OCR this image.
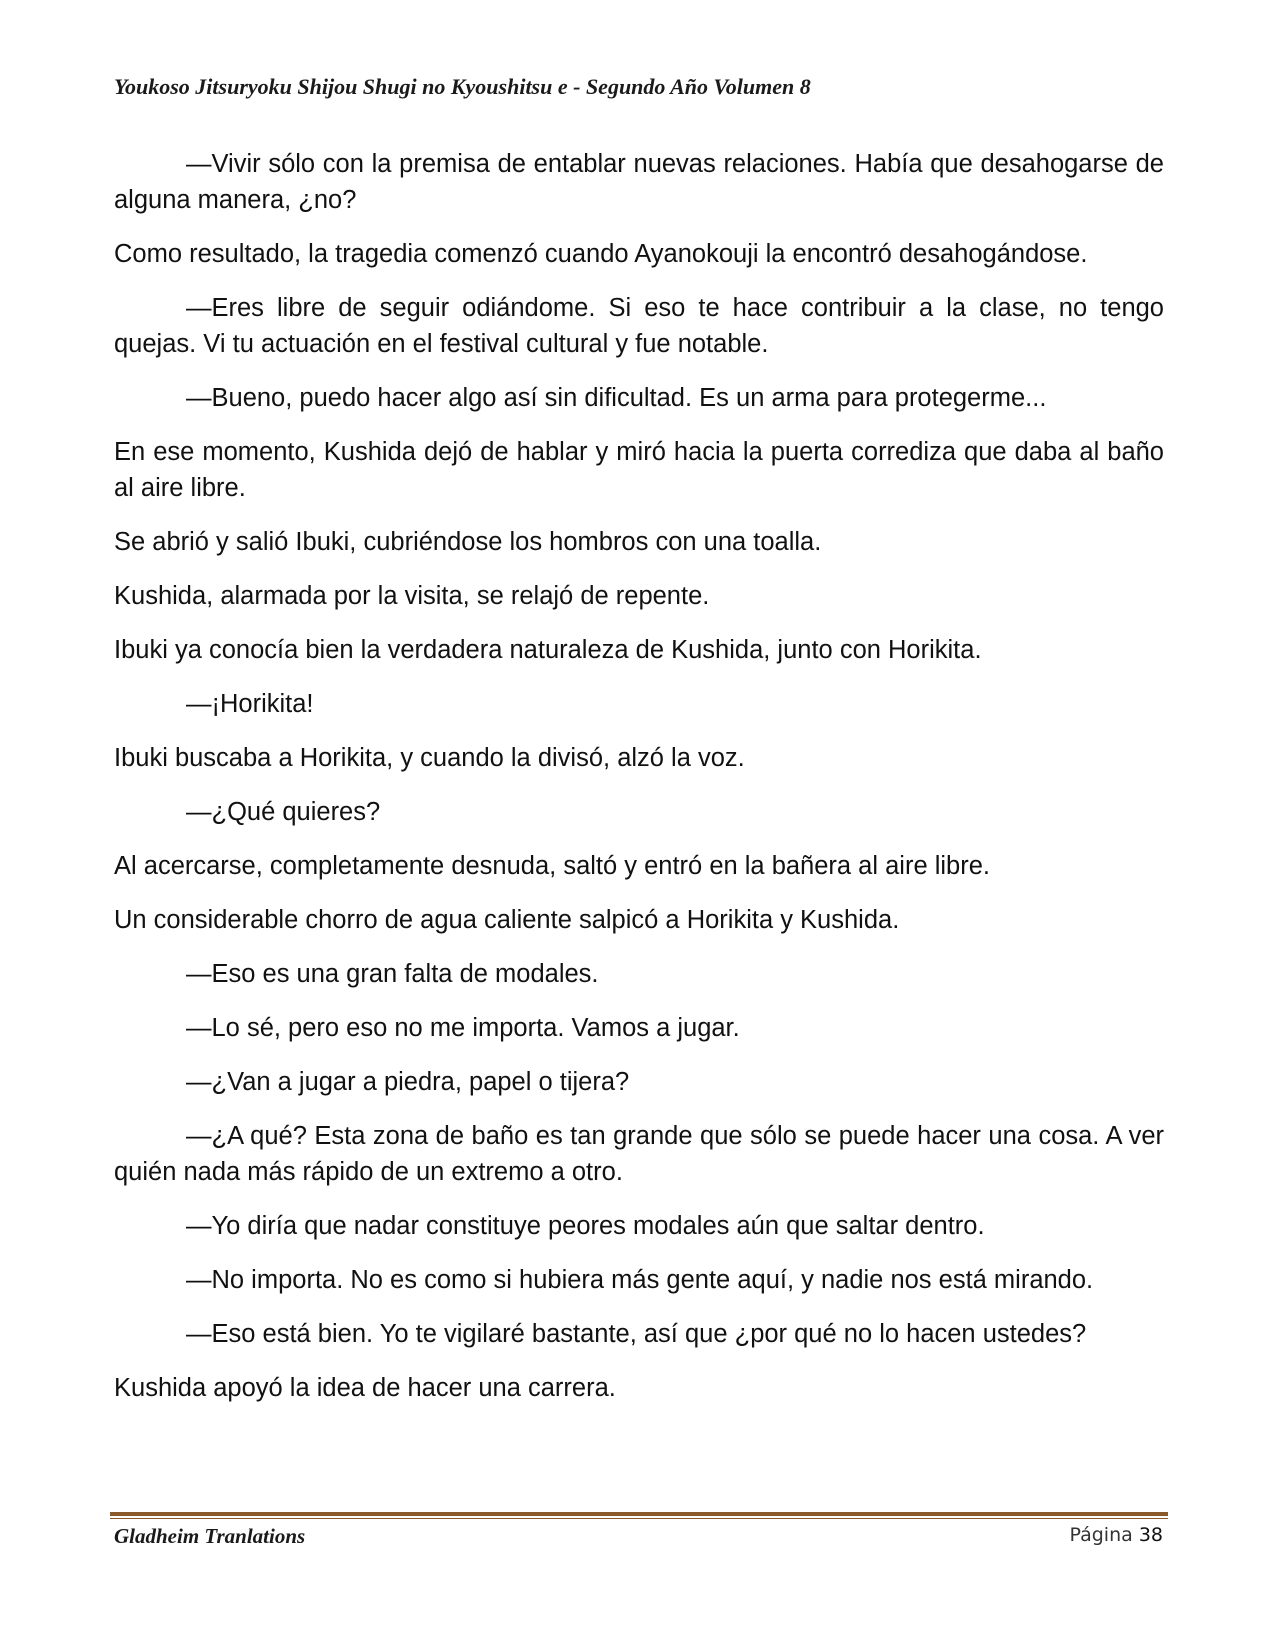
Youkoso Jitsuryoku Shijou Shugi no Kyoushitsu e - Segundo Año Volumen 8

—Vivir sólo con la premisa de entablar nuevas relaciones. Había que desahogarse de alguna manera, ¿no?

Como resultado, la tragedia comenzó cuando Ayanokouji la encontró desahogándose.

—Eres libre de seguir odiándome. Si eso te hace contribuir a la clase, no tengo quejas. Vi tu actuación en el festival cultural y fue notable.

—Bueno, puedo hacer algo así sin dificultad. Es un arma para protegerme...

En ese momento, Kushida dejó de hablar y miró hacia la puerta corrediza que daba al baño al aire libre.

Se abrió y salió Ibuki, cubriéndose los hombros con una toalla.

Kushida, alarmada por la visita, se relajó de repente.

Ibuki ya conocía bien la verdadera naturaleza de Kushida, junto con Horikita.

—¡Horikita!

Ibuki buscaba a Horikita, y cuando la divisó, alzó la voz.

—¿Qué quieres?

Al acercarse, completamente desnuda, saltó y entró en la bañera al aire libre.

Un considerable chorro de agua caliente salpicó a Horikita y Kushida.

—Eso es una gran falta de modales.

—Lo sé, pero eso no me importa. Vamos a jugar.

—¿Van a jugar a piedra, papel o tijera?

—¿A qué? Esta zona de baño es tan grande que sólo se puede hacer una cosa. A ver quién nada más rápido de un extremo a otro.

—Yo diría que nadar constituye peores modales aún que saltar dentro.

—No importa. No es como si hubiera más gente aquí, y nadie nos está mirando.

—Eso está bien. Yo te vigilaré bastante, así que ¿por qué no lo hacen ustedes?

Kushida apoyó la idea de hacer una carrera.

Gladheim Tranlations	Página 38
